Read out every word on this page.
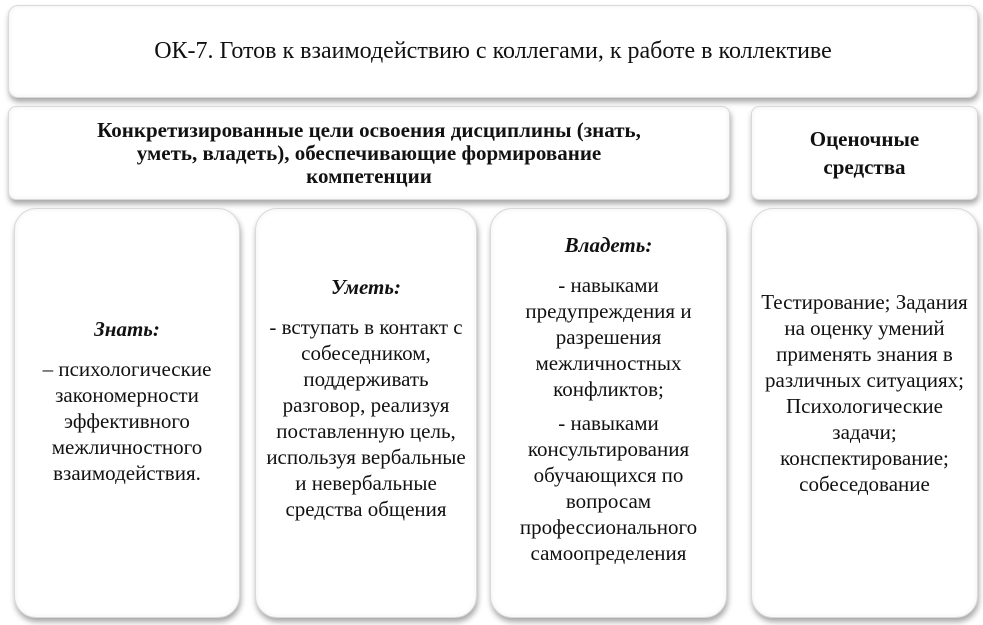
ОК-7. Готов к взаимодействию с коллегами, к работе в коллективе
Конкретизированные цели освоения дисциплины (знать,
уметь, владеть), обеспечивающие формирование
компетенции
Оценочные
средства
Знать:
– психологические закономерности эффективного межличностного взаимодействия.
Уметь:
- вступать в контакт с собеседником, поддерживать разговор, реализуя поставленную цель, используя вербальные и невербальные средства общения
Владеть:
- навыками предупреждения и разрешения межличностных конфликтов;
- навыками консультирования обучающихся по вопросам профессионального самоопределения
Тестирование; Задания на оценку умений применять знания в различных ситуациях; Психологические задачи; конспектирование; собеседование
